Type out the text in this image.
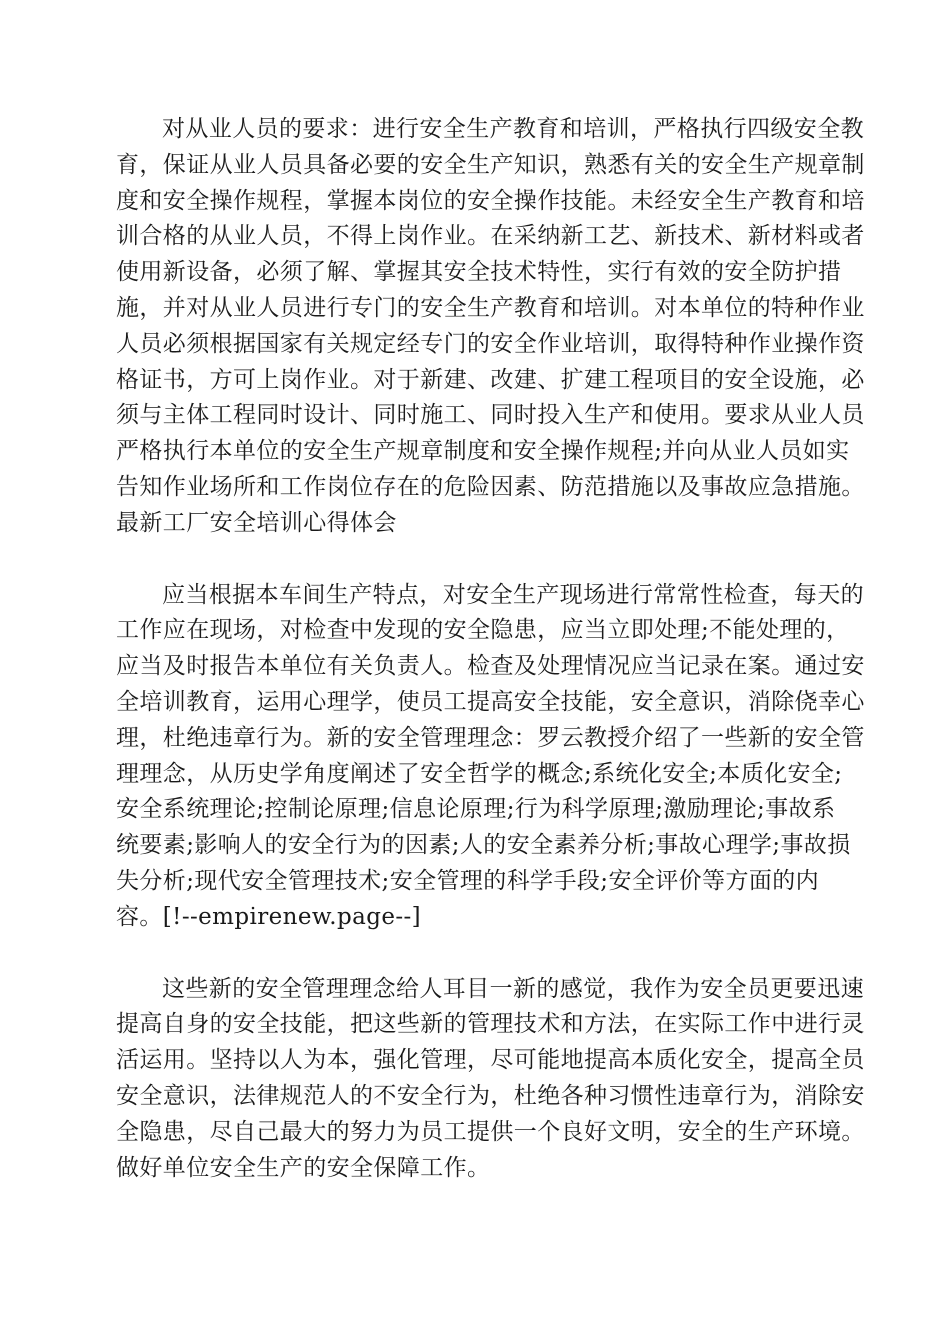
对从业人员的要求：进行安全生产教育和培训，严格执行四级安全教
育，保证从业人员具备必要的安全生产知识，熟悉有关的安全生产规章制
度和安全操作规程，掌握本岗位的安全操作技能。未经安全生产教育和培
训合格的从业人员，不得上岗作业。在采纳新工艺、新技术、新材料或者
使用新设备，必须了解、掌握其安全技术特性，实行有效的安全防护措
施，并对从业人员进行专门的安全生产教育和培训。对本单位的特种作业
人员必须根据国家有关规定经专门的安全作业培训，取得特种作业操作资
格证书，方可上岗作业。对于新建、改建、扩建工程项目的安全设施，必
须与主体工程同时设计、同时施工、同时投入生产和使用。要求从业人员
严格执行本单位的安全生产规章制度和安全操作规程;并向从业人员如实
告知作业场所和工作岗位存在的危险因素、防范措施以及事故应急措施。
最新工厂安全培训心得体会
应当根据本车间生产特点，对安全生产现场进行常常性检查，每天的
工作应在现场，对检查中发现的安全隐患，应当立即处理;不能处理的，
应当及时报告本单位有关负责人。检查及处理情况应当记录在案。通过安
全培训教育，运用心理学，使员工提高安全技能，安全意识，消除侥幸心
理，杜绝违章行为。新的安全管理理念：罗云教授介绍了一些新的安全管
理理念，从历史学角度阐述了安全哲学的概念;系统化安全;本质化安全;
安全系统理论;控制论原理;信息论原理;行为科学原理;激励理论;事故系
统要素;影响人的安全行为的因素;人的安全素养分析;事故心理学;事故损
失分析;现代安全管理技术;安全管理的科学手段;安全评价等方面的内
容。[!--empirenew.page--]
这些新的安全管理理念给人耳目一新的感觉，我作为安全员更要迅速
提高自身的安全技能，把这些新的管理技术和方法，在实际工作中进行灵
活运用。坚持以人为本，强化管理，尽可能地提高本质化安全，提高全员
安全意识，法律规范人的不安全行为，杜绝各种习惯性违章行为，消除安
全隐患，尽自己最大的努力为员工提供一个良好文明，安全的生产环境。
做好单位安全生产的安全保障工作。
